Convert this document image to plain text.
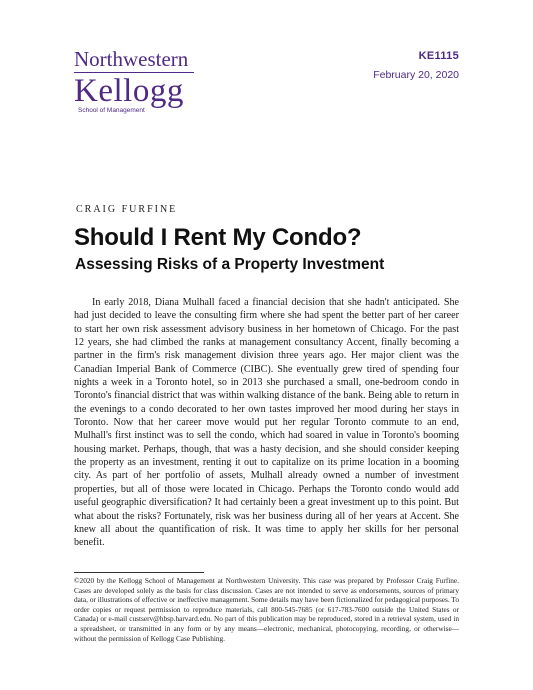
Northwestern
Kellogg
School of Management
KE1115
February 20, 2020
CRAIG FURFINE
Should I Rent My Condo?
Assessing Risks of a Property Investment

In early 2018, Diana Mulhall faced a financial decision that she hadn't anticipated. She had just decided to leave the consulting firm where she had spent the better part of her career to start her own risk assessment advisory business in her hometown of Chicago. For the past 12 years, she had climbed the ranks at management consultancy Accent, finally becoming a partner in the firm's risk management division three years ago. Her major client was the Canadian Imperial Bank of Commerce (CIBC). She eventually grew tired of spending four nights a week in a Toronto hotel, so in 2013 she purchased a small, one-bedroom condo in Toronto's financial district that was within walking distance of the bank. Being able to return in the evenings to a condo decorated to her own tastes improved her mood during her stays in Toronto. Now that her career move would put her regular Toronto commute to an end, Mulhall's first instinct was to sell the condo, which had soared in value in Toronto's booming housing market. Perhaps, though, that was a hasty decision, and she should consider keeping the property as an investment, renting it out to capitalize on its prime location in a booming city. As part of her portfolio of assets, Mulhall already owned a number of investment properties, but all of those were located in Chicago. Perhaps the Toronto condo would add useful geographic diversification? It had certainly been a great investment up to this point. But what about the risks? Fortunately, risk was her business during all of her years at Accent. She knew all about the quantification of risk. It was time to apply her skills for her personal benefit.

©2020 by the Kellogg School of Management at Northwestern University. This case was prepared by Professor Craig Furfine. Cases are developed solely as the basis for class discussion. Cases are not intended to serve as endorsements, sources of primary data, or illustrations of effective or ineffective management. Some details may have been fictionalized for pedagogical purposes. To order copies or request permission to reproduce materials, call 800-545-7685 (or 617-783-7600 outside the United States or Canada) or e-mail custserv@hbsp.harvard.edu. No part of this publication may be reproduced, stored in a retrieval system, used in a spreadsheet, or transmitted in any form or by any means—electronic, mechanical, photocopying, recording, or otherwise—without the permission of Kellogg Case Publishing.
